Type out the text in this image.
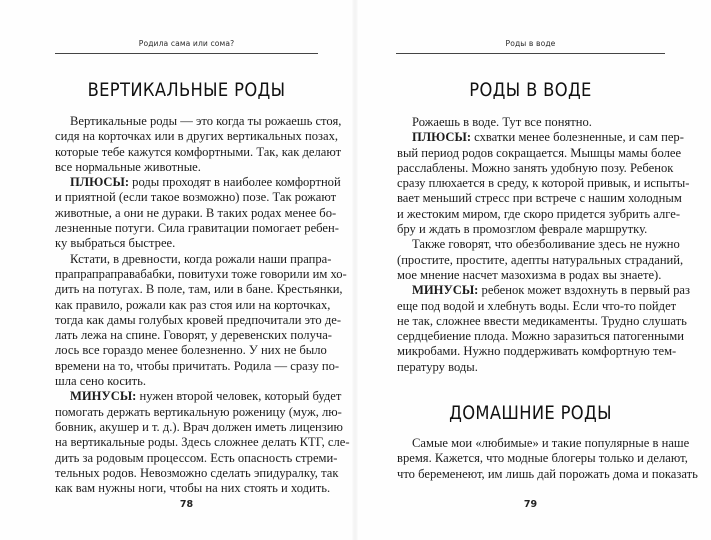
Родила сама или сома?
ВЕРТИКАЛЬНЫЕ РОДЫ
Вертикальные роды — это когда ты рожаешь стоя,
сидя на корточках или в других вертикальных позах,
которые тебе кажутся комфортными. Так, как делают
все нормальные животные.
ПЛЮСЫ: роды проходят в наиболее комфортной
и приятной (если такое возможно) позе. Так рожают
животные, а они не дураки. В таких родах менее бо-
лезненные потуги. Сила гравитации помогает ребен-
ку выбраться быстрее.
Кстати, в древности, когда рожали наши прапра-
прапрапраправабабки, повитухи тоже говорили им хо-
дить на потугах. В поле, там, или в бане. Крестьянки,
как правило, рожали как раз стоя или на корточках,
тогда как дамы голубых кровей предпочитали это де-
лать лежа на спине. Говорят, у деревенских получа-
лось все гораздо менее болезненно. У них не было
времени на то, чтобы причитать. Родила — сразу по-
шла сено косить.
МИНУСЫ: нужен второй человек, который будет
помогать держать вертикальную роженицу (муж, лю-
бовник, акушер и т. д.). Врач должен иметь лицензию
на вертикальные роды. Здесь сложнее делать КТГ, сле-
дить за родовым процессом. Есть опасность стреми-
тельных родов. Невозможно сделать эпидуралку, так
как вам нужны ноги, чтобы на них стоять и ходить.
78
Роды в воде
РОДЫ В ВОДЕ
Рожаешь в воде. Тут все понятно.
ПЛЮСЫ: схватки менее болезненные, и сам пер-
вый период родов сокращается. Мышцы мамы более
расслаблены. Можно занять удобную позу. Ребенок
сразу плюхается в среду, к которой привык, и испыты-
вает меньший стресс при встрече с нашим холодным
и жестоким миром, где скоро придется зубрить алге-
бру и ждать в промозглом феврале маршрутку.
Также говорят, что обезболивание здесь не нужно
(простите, простите, адепты натуральных страданий,
мое мнение насчет мазохизма в родах вы знаете).
МИНУСЫ: ребенок может вздохнуть в первый раз
еще под водой и хлебнуть воды. Если что-то пойдет
не так, сложнее ввести медикаменты. Трудно слушать
сердцебиение плода. Можно заразиться патогенными
микробами. Нужно поддерживать комфортную тем-
пературу воды.
ДОМАШНИЕ РОДЫ
Самые мои «любимые» и такие популярные в наше
время. Кажется, что модные блогеры только и делают,
что беременеют, им лишь дай порожать дома и показать
79
